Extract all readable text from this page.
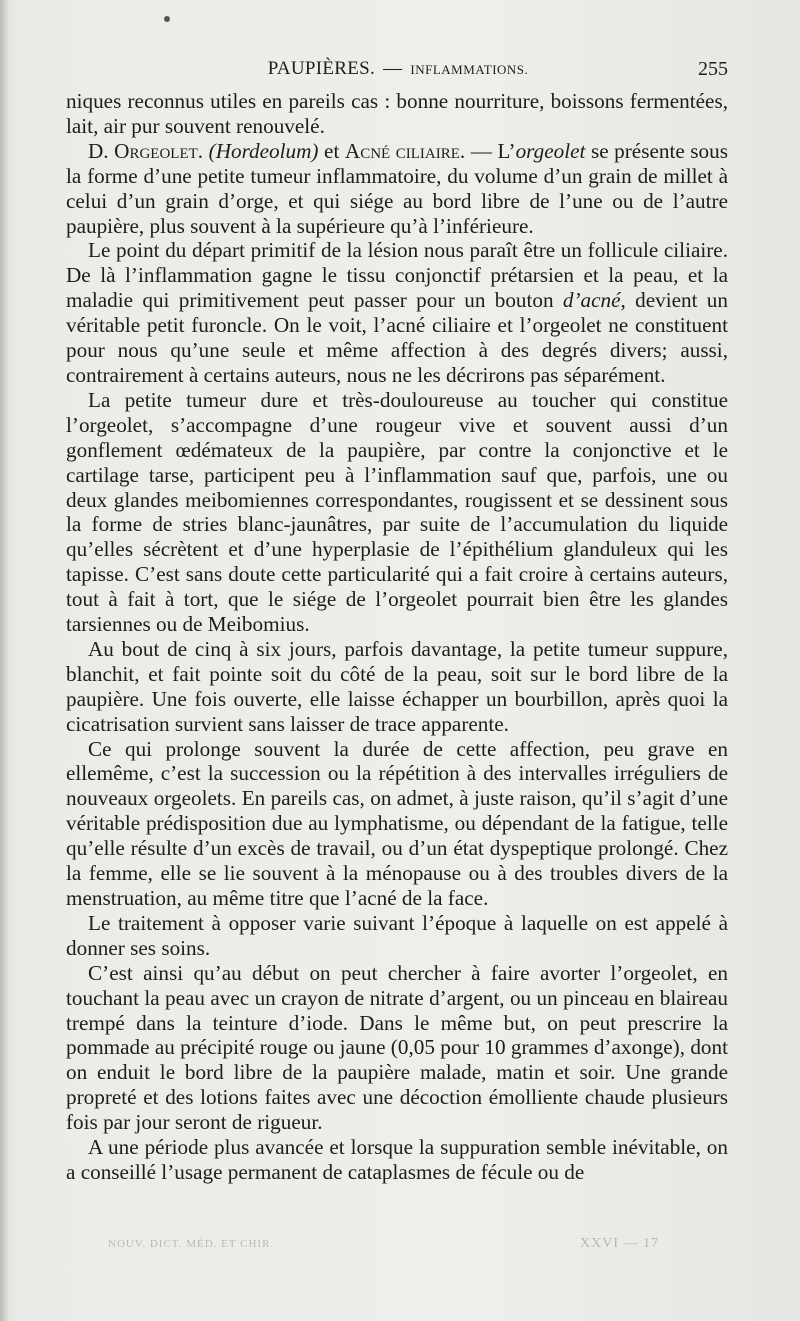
PAUPIÈRES. — INFLAMMATIONS.	255

niques reconnus utiles en pareils cas : bonne nourriture, boissons fermentées, lait, air pur souvent renouvelé.

D. Orgeolet. (Hordeolum) et Acné ciliaire. — L’orgeolet se présente sous la forme d’une petite tumeur inflammatoire, du volume d’un grain de millet à celui d’un grain d’orge, et qui siége au bord libre de l’une ou de l’autre paupière, plus souvent à la supérieure qu’à l’inférieure.

Le point du départ primitif de la lésion nous paraît être un follicule ciliaire. De là l’inflammation gagne le tissu conjonctif prétarsien et la peau, et la maladie qui primitivement peut passer pour un bouton d’acné, devient un véritable petit furoncle. On le voit, l’acné ciliaire et l’orgeolet ne constituent pour nous qu’une seule et même affection à des degrés divers; aussi, contrairement à certains auteurs, nous ne les décrirons pas séparément.

La petite tumeur dure et très-douloureuse au toucher qui constitue l’orgeolet, s’accompagne d’une rougeur vive et souvent aussi d’un gonflement œdémateux de la paupière, par contre la conjonctive et le cartilage tarse, participent peu à l’inflammation sauf que, parfois, une ou deux glandes meibomiennes correspondantes, rougissent et se dessinent sous la forme de stries blanc-jaunâtres, par suite de l’accumulation du liquide qu’elles sécrètent et d’une hyperplasie de l’épithélium glanduleux qui les tapisse. C’est sans doute cette particularité qui a fait croire à certains auteurs, tout à fait à tort, que le siége de l’orgeolet pourrait bien être les glandes tarsiennes ou de Meibomius.

Au bout de cinq à six jours, parfois davantage, la petite tumeur suppure, blanchit, et fait pointe soit du côté de la peau, soit sur le bord libre de la paupière. Une fois ouverte, elle laisse échapper un bourbillon, après quoi la cicatrisation survient sans laisser de trace apparente.

Ce qui prolonge souvent la durée de cette affection, peu grave en ellemême, c’est la succession ou la répétition à des intervalles irréguliers de nouveaux orgeolets. En pareils cas, on admet, à juste raison, qu’il s’agit d’une véritable prédisposition due au lymphatisme, ou dépendant de la fatigue, telle qu’elle résulte d’un excès de travail, ou d’un état dyspeptique prolongé. Chez la femme, elle se lie souvent à la ménopause ou à des troubles divers de la menstruation, au même titre que l’acné de la face.

Le traitement à opposer varie suivant l’époque à laquelle on est appelé à donner ses soins.

C’est ainsi qu’au début on peut chercher à faire avorter l’orgeolet, en touchant la peau avec un crayon de nitrate d’argent, ou un pinceau en blaireau trempé dans la teinture d’iode. Dans le même but, on peut prescrire la pommade au précipité rouge ou jaune (0,05 pour 10 grammes d’axonge), dont on enduit le bord libre de la paupière malade, matin et soir. Une grande propreté et des lotions faites avec une décoction émolliente chaude plusieurs fois par jour seront de rigueur.

A une période plus avancée et lorsque la suppuration semble inévitable, on a conseillé l’usage permanent de cataplasmes de fécule ou de

NOUV. DICT. MÉD. ET CHIR.	XXVI — 17
